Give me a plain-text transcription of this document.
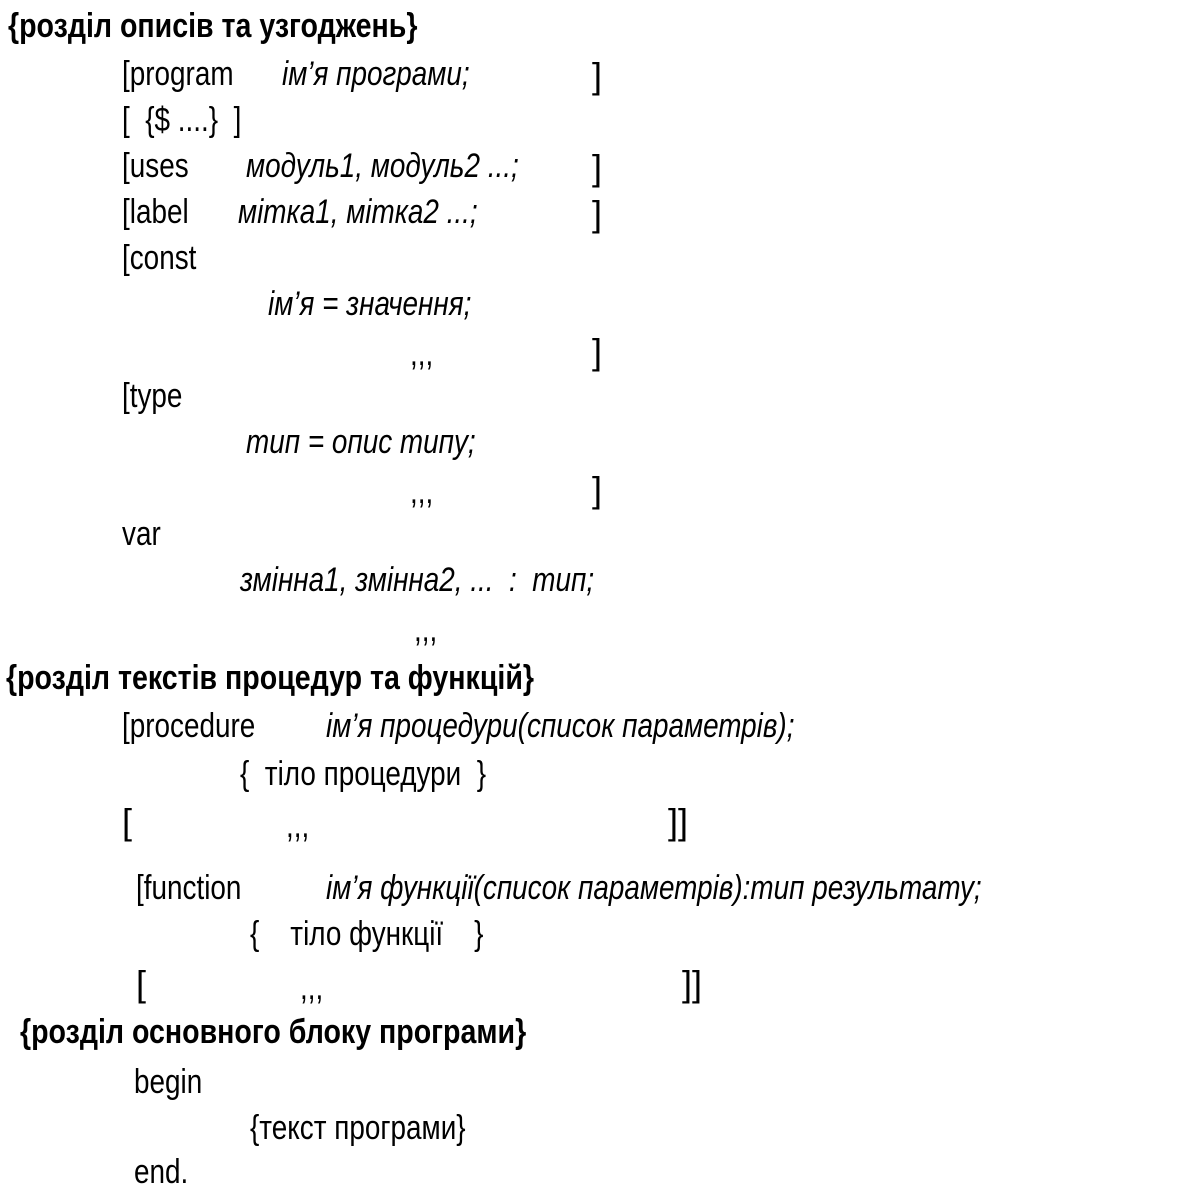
{розділ описів та узгоджень}
[program ім’я програми;	]
[  {$ ....}  ]
[uses модуль1, модуль2 ...; ]
[label мітка1, мітка2 ...;	]
[const
ім’я = значення;
,,,	]
[type
тип = опис типу;
,,,	]
var
змінна1, змінна2, ...  :  тип;
,,,
{розділ текстів процедур та функцій}
[procedure ім’я процедури(список параметрів);
{  тіло процедури  }
[	,,,	]]
[function ім’я функції(список параметрів):тип результату;
{    тіло функції    }
[	,,,	]]
{розділ основного блоку програми}
begin
{текст програми}
end.
